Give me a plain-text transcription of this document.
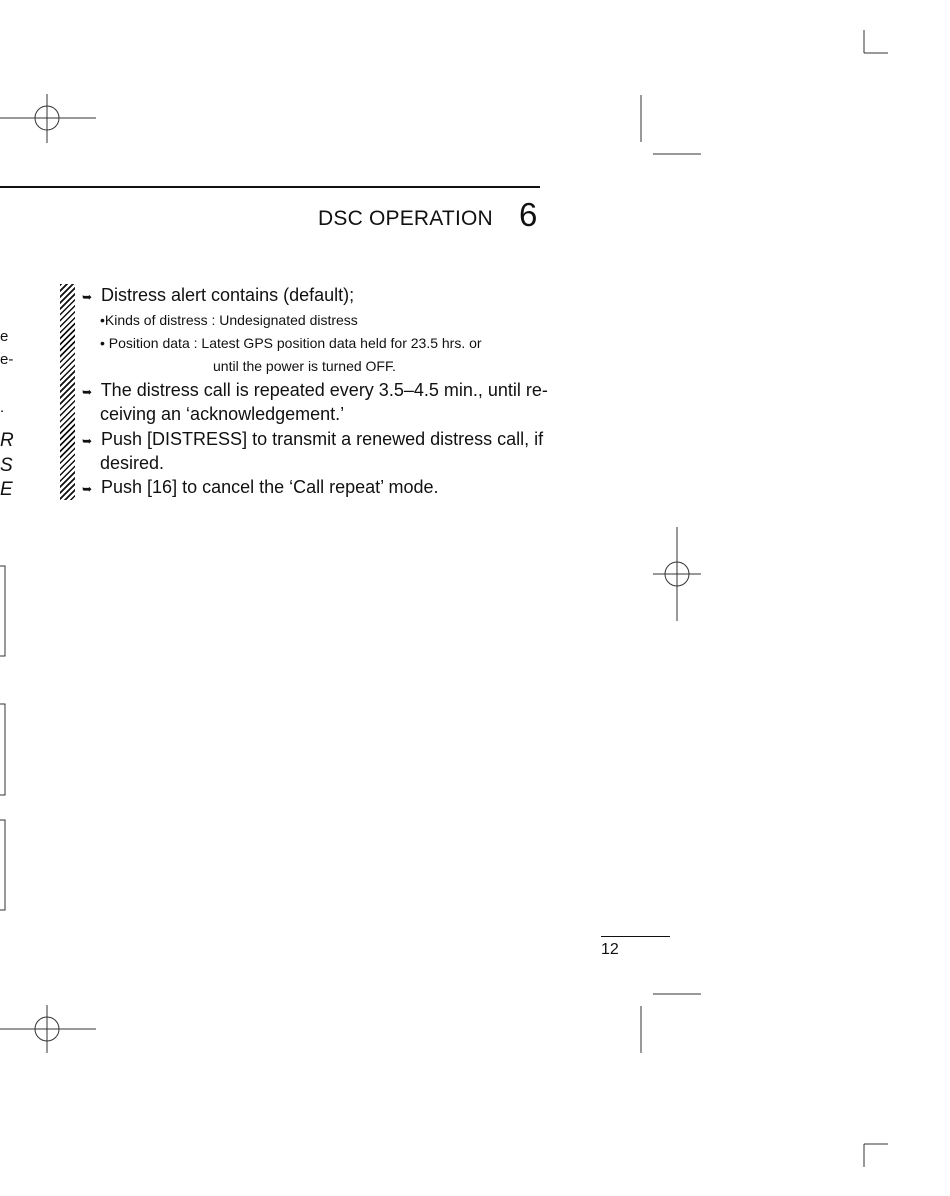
DSC OPERATION 6
e
e-
.
R
S
E
➥ Distress alert contains (default);
•Kinds of distress : Undesignated distress
• Position data : Latest GPS position data held for 23.5 hrs. or
until the power is turned OFF.
➥ The distress call is repeated every 3.5–4.5 min., until re-
ceiving an ‘acknowledgement.’
➥ Push [DISTRESS] to transmit a renewed distress call, if
desired.
➥ Push [16] to cancel the ‘Call repeat’ mode.
12
